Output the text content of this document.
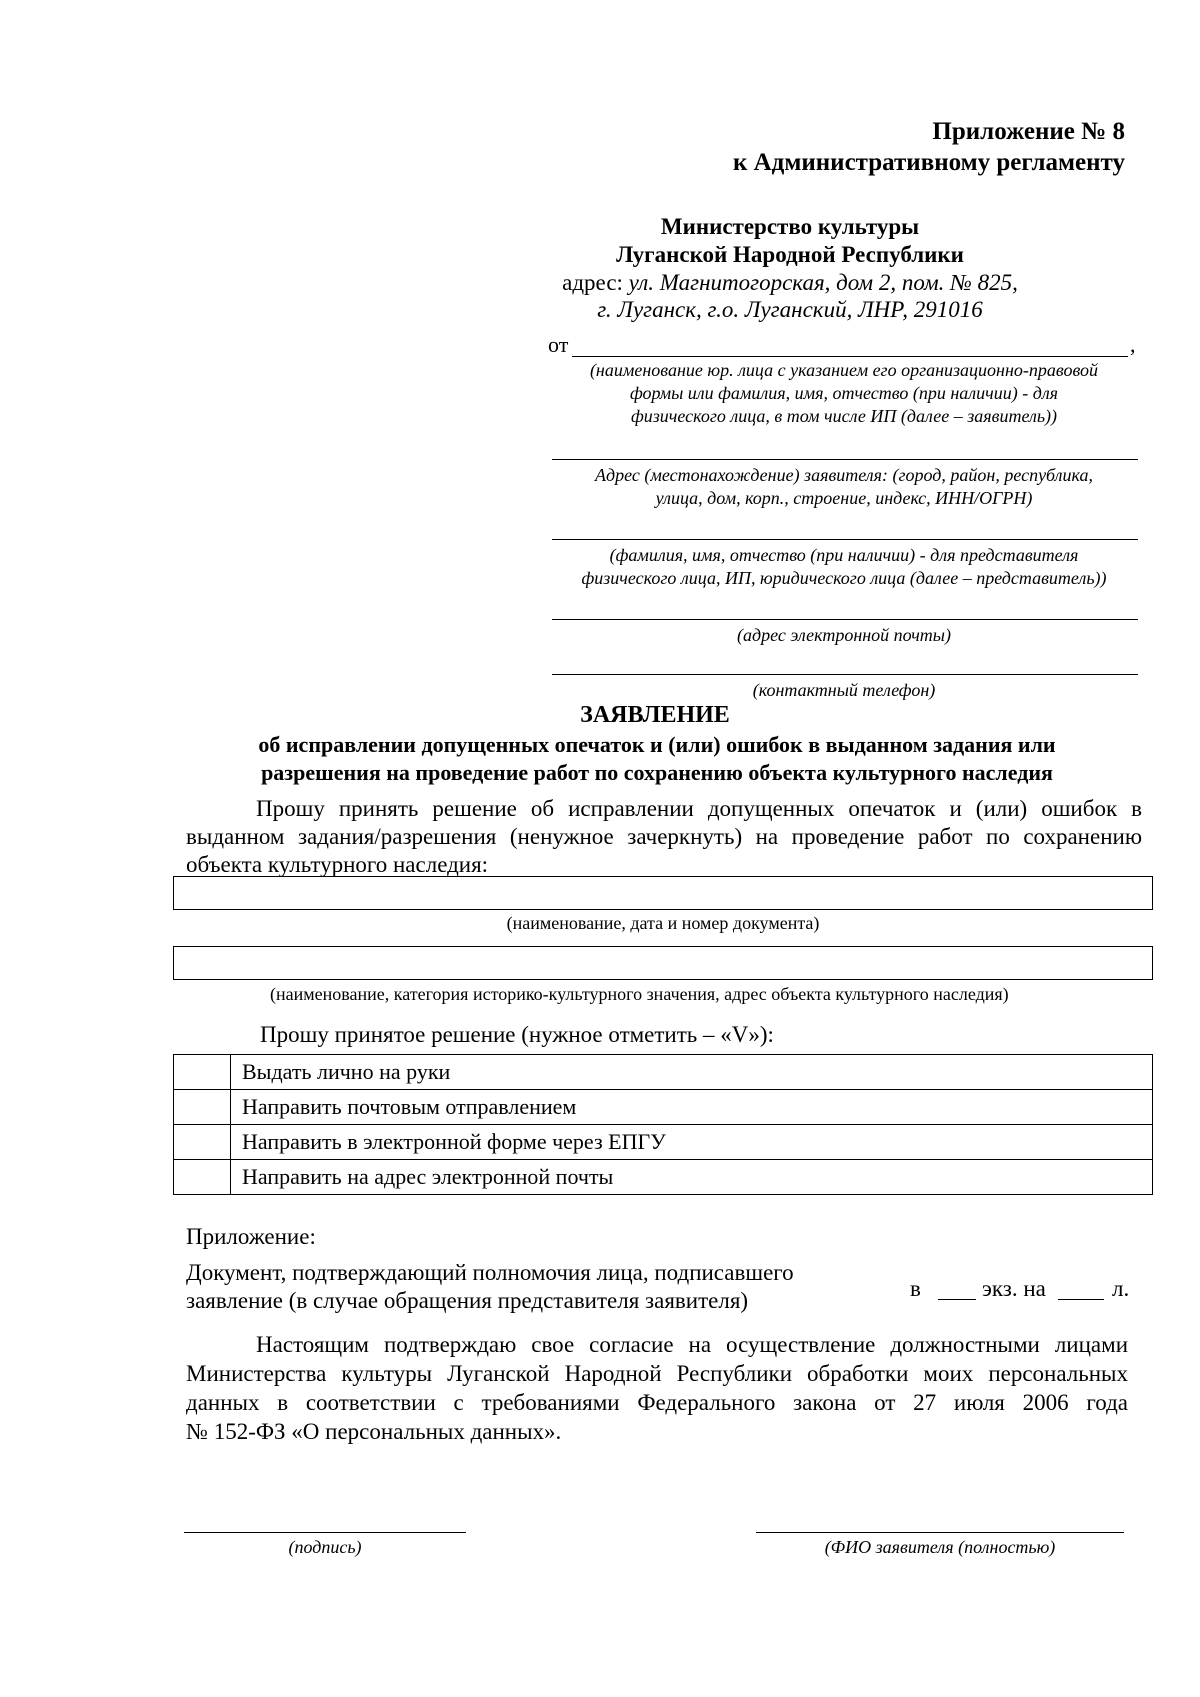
Приложение № 8
к Административному регламенту
Министерство культуры
Луганской Народной Республики
адрес: ул. Магнитогорская, дом 2, пом. № 825,
г. Луганск, г.о. Луганский, ЛНР, 291016
от	,
(наименование юр. лица с указанием его организационно-правовой
формы или фамилия, имя, отчество (при наличии) - для
физического лица, в том числе ИП (далее – заявитель))
Адрес (местонахождение) заявителя: (город, район, республика,
улица, дом, корп., строение, индекс, ИНН/ОГРН)
(фамилия, имя, отчество (при наличии) - для представителя
физического лица, ИП, юридического лица (далее – представитель))
(адрес электронной почты)
(контактный телефон)
ЗАЯВЛЕНИЕ
об исправлении допущенных опечаток и (или) ошибок в выданном задания или
разрешения на проведение работ по сохранению объекта культурного наследия
Прошу принять решение об исправлении допущенных опечаток и (или) ошибок в
выданном задания/разрешения (ненужное зачеркнуть) на проведение работ по сохранению
объекта культурного наследия:
(наименование, дата и номер документа)
(наименование, категория историко-культурного значения, адрес объекта культурного наследия)
Прошу принятое решение (нужное отметить – «V»):
	Выдать лично на руки
	Направить почтовым отправлением
	Направить в электронной форме через ЕПГУ
	Направить на адрес электронной почты
Приложение:
Документ, подтверждающий полномочия лица, подписавшего
заявление (в случае обращения представителя заявителя)	в	экз. на	л.
Настоящим подтверждаю свое согласие на осуществление должностными лицами
Министерства культуры Луганской Народной Республики обработки моих персональных
данных в соответствии с требованиями Федерального закона от 27 июля 2006 года
№ 152-ФЗ «О персональных данных».
(подпись)	(ФИО заявителя (полностью)
